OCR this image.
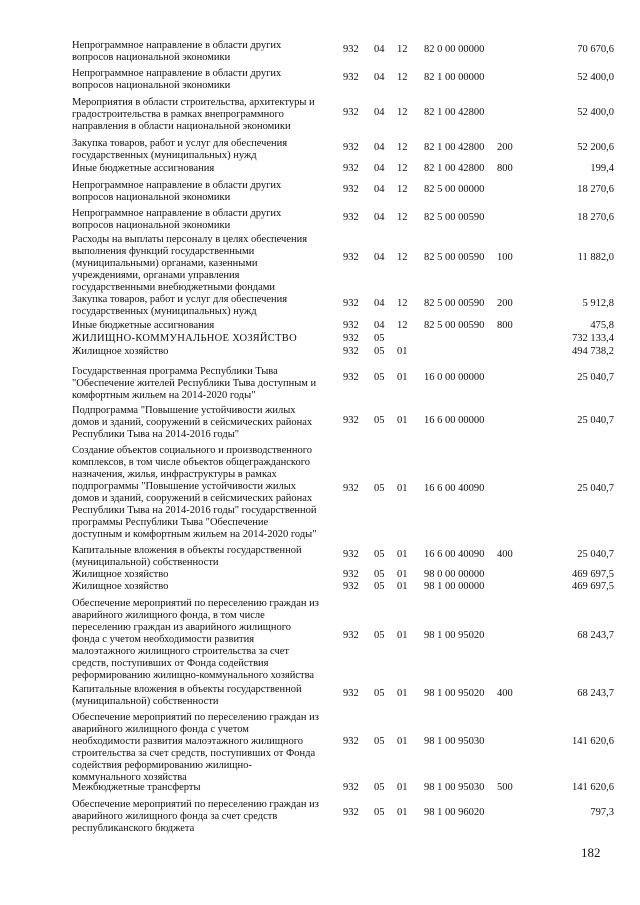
Непрограммное направление в области других
вопросов национальной экономики
932 04 12 82 0 00 00000	70 670,6
Непрограммное направление в области других
вопросов национальной экономики
932 04 12 82 1 00 00000	52 400,0
Мероприятия в области строительства, архитектуры и
градостроительства в рамках внепрограммного
направления в области национальной экономики
932 04 12 82 1 00 42800	52 400,0
Закупка товаров, работ и услуг для обеспечения
государственных (муниципальных) нужд
932 04 12 82 1 00 42800 200	52 200,6
Иные бюджетные ассигнования	932 04 12 82 1 00 42800 800	199,4
Непрограммное направление в области других
вопросов национальной экономики
932 04 12 82 5 00 00000	18 270,6
Непрограммное направление в области других
вопросов национальной экономики
932 04 12 82 5 00 00590	18 270,6
Расходы на выплаты персоналу в целях обеспечения
выполнения функций государственными
(муниципальными) органами, казенными
учреждениями, органами управления
государственными внебюджетными фондами
932 04 12 82 5 00 00590 100	11 882,0
Закупка товаров, работ и услуг для обеспечения
государственных (муниципальных) нужд
932 04 12 82 5 00 00590 200	5 912,8
Иные бюджетные ассигнования	932 04 12 82 5 00 00590 800	475,8
ЖИЛИЩНО-КОММУНАЛЬНОЕ ХОЗЯЙСТВО	932 05	732 133,4
Жилищное хозяйство	932 05 01	494 738,2
Государственная программа Республики Тыва
"Обеспечение жителей Республики Тыва доступным и
комфортным жильем на 2014-2020 годы"
932 05 01 16 0 00 00000	25 040,7
Подпрограмма "Повышение устойчивости жилых
домов и зданий, сооружений в сейсмических районах
Республики Тыва на 2014-2016 годы"
932 05 01 16 6 00 00000	25 040,7
Создание объектов социального и производственного
комплексов, в том числе объектов общегражданского
назначения, жилья, инфраструктуры в рамках
подпрограммы "Повышение устойчивости жилых
домов и зданий, сооружений в сейсмических районах
Республики Тыва на 2014-2016 годы" государственной
программы Республики Тыва "Обеспечение
доступным и комфортным жильем на 2014-2020 годы"
932 05 01 16 6 00 40090	25 040,7
Капитальные вложения в объекты государственной
(муниципальной) собственности
932 05 01 16 6 00 40090 400	25 040,7
Жилищное хозяйство	932 05 01 98 0 00 00000	469 697,5
Жилищное хозяйство	932 05 01 98 1 00 00000	469 697,5
Обеспечение мероприятий по переселению граждан из
аварийного жилищного фонда, в том числе
переселению граждан из аварийного жилищного
фонда с учетом необходимости развития
малоэтажного жилищного строительства за счет
средств, поступивших от Фонда содействия
реформированию жилищно-коммунального хозяйства
932 05 01 98 1 00 95020	68 243,7
Капитальные вложения в объекты государственной
(муниципальной) собственности
932 05 01 98 1 00 95020 400	68 243,7
Обеспечение мероприятий по переселению граждан из
аварийного жилищного фонда с учетом
необходимости развития малоэтажного жилищного
строительства за счет средств, поступивших от Фонда
содействия реформированию жилищно-
коммунального хозяйства
932 05 01 98 1 00 95030	141 620,6
Межбюджетные трансферты	932 05 01 98 1 00 95030 500	141 620,6
Обеспечение мероприятий по переселению граждан из
аварийного жилищного фонда за счет средств
республиканского бюджета
932 05 01 98 1 00 96020	797,3
182
